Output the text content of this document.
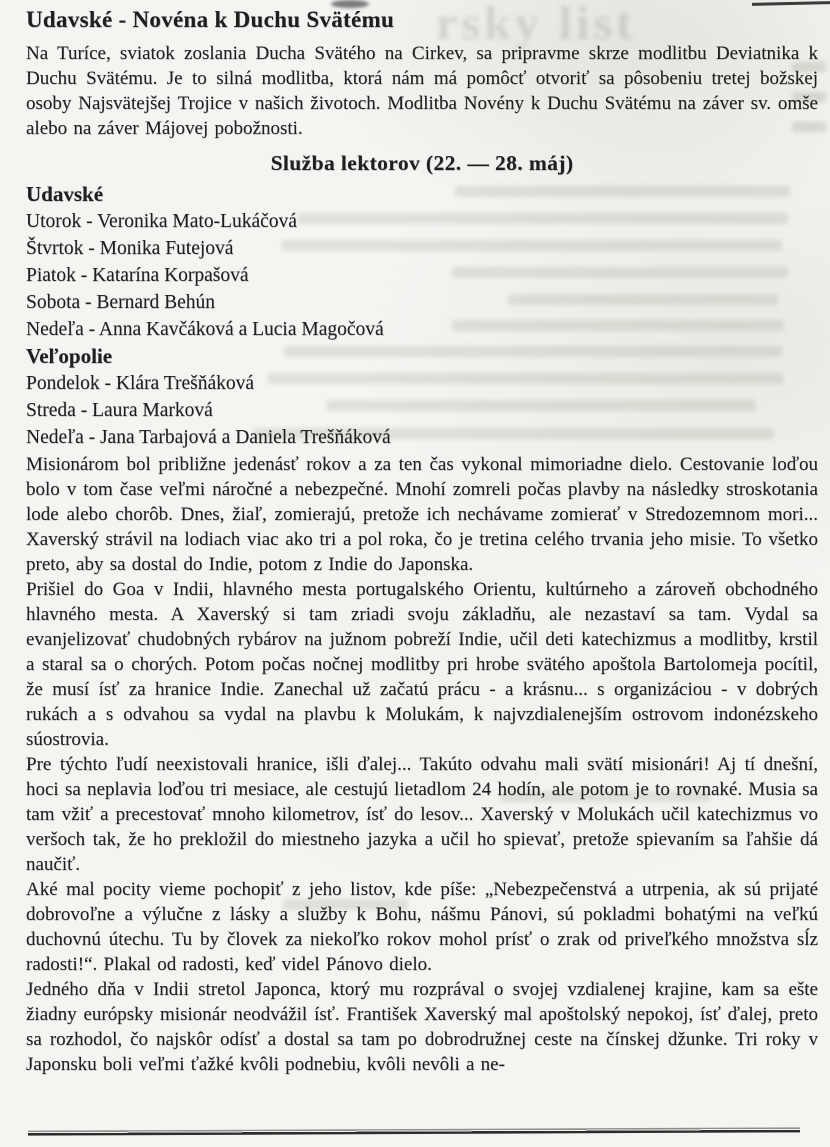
rsky list
Udavské - Novéna k Duchu Svätému

Na Turíce, sviatok zoslania Ducha Svätého na Cirkev, sa pripravme skrze modlitbu Deviatnika k Duchu Svätému. Je to silná modlitba, ktorá nám má pomôcť otvoriť sa pôsobeniu tretej božskej osoby Najsvätejšej Trojice v našich životoch. Modlitba Novény k Duchu Svätému na záver sv. omše alebo na záver Májovej pobožnosti.

Služba lektorov (22. — 28. máj)
Udavské
Utorok - Veronika Mato-Lukáčová
Štvrtok - Monika Futejová
Piatok - Katarína Korpašová
Sobota - Bernard Behún
Nedeľa - Anna Kavčáková a Lucia Magočová
Veľopolie
Pondelok - Klára Trešňáková
Streda - Laura Marková
Nedeľa - Jana Tarbajová a Daniela Trešňáková

Misionárom bol približne jedenásť rokov a za ten čas vykonal mimoriadne dielo. Cestovanie loďou bolo v tom čase veľmi náročné a nebezpečné. Mnohí zomreli počas plavby na následky stroskotania lode alebo chorôb. Dnes, žiaľ, zomierajú, pretože ich nechávame zomierať v Stredozemnom mori... Xaverský strávil na lodiach viac ako tri a pol roka, čo je tretina celého trvania jeho misie. To všetko preto, aby sa dostal do Indie, potom z Indie do Japonska.

Prišiel do Goa v Indii, hlavného mesta portugalského Orientu, kultúrneho a zároveň obchodného hlavného mesta. A Xaverský si tam zriadi svoju základňu, ale nezastaví sa tam. Vydal sa evanjelizovať chudobných rybárov na južnom pobreží Indie, učil deti katechizmus a modlitby, krstil a staral sa o chorých. Potom počas nočnej modlitby pri hrobe svätého apoštola Bartolomeja pocítil, že musí ísť za hranice Indie. Zanechal už začatú prácu - a krásnu... s organizáciou - v dobrých rukách a s odvahou sa vydal na plavbu k Molukám, k najvzdialenejším ostrovom indonézskeho súostrovia.

Pre týchto ľudí neexistovali hranice, išli ďalej... Takúto odvahu mali svätí misionári! Aj tí dnešní, hoci sa neplavia loďou tri mesiace, ale cestujú lietadlom 24 hodín, ale potom je to rovnaké. Musia sa tam vžiť a precestovať mnoho kilometrov, ísť do lesov... Xaverský v Molukách učil katechizmus vo veršoch tak, že ho prekložil do miestneho jazyka a učil ho spievať, pretože spievaním sa ľahšie dá naučiť.

Aké mal pocity vieme pochopiť z jeho listov, kde píše: „Nebezpečenstvá a utrpenia, ak sú prijaté dobrovoľne a výlučne z lásky a služby k Bohu, nášmu Pánovi, sú pokladmi bohatými na veľkú duchovnú útechu. Tu by človek za niekoľko rokov mohol prísť o zrak od priveľkého množstva sĺz radosti!“. Plakal od radosti, keď videl Pánovo dielo.

Jedného dňa v Indii stretol Japonca, ktorý mu rozprával o svojej vzdialenej krajine, kam sa ešte žiadny európsky misionár neodvážil ísť. František Xaverský mal apoštolský nepokoj, ísť ďalej, preto sa rozhodol, čo najskôr odísť a dostal sa tam po dobrodružnej ceste na čínskej džunke. Tri roky v Japonsku boli veľmi ťažké kvôli podnebiu, kvôli nevôli a ne-
